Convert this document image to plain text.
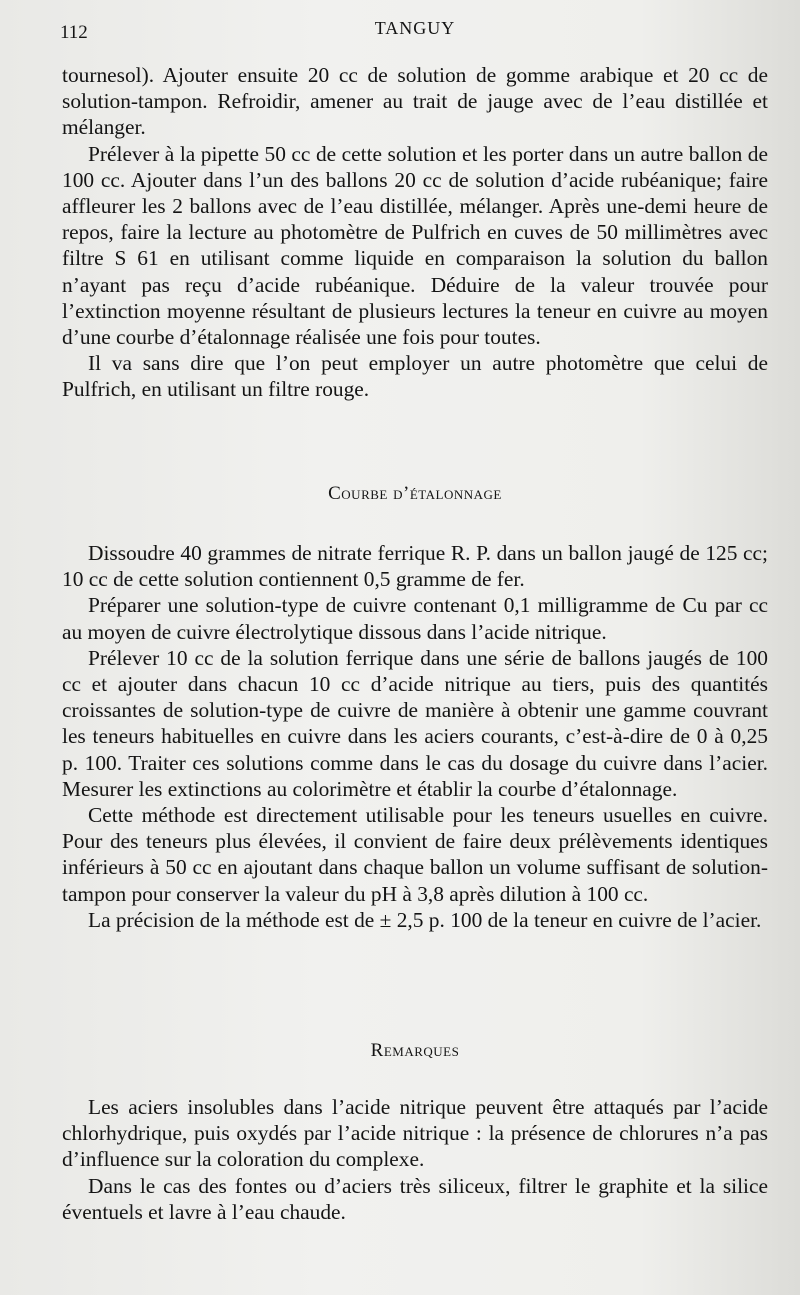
112	TANGUY

tournesol). Ajouter ensuite 20 cc de solution de gomme arabique et 20 cc de solution-tampon. Refroidir, amener au trait de jauge avec de l’eau distillée et mélanger.

Prélever à la pipette 50 cc de cette solution et les porter dans un autre ballon de 100 cc. Ajouter dans l’un des ballons 20 cc de solution d’acide rubéanique; faire affleurer les 2 ballons avec de l’eau distillée, mélanger. Après une-demi heure de repos, faire la lecture au photomètre de Pulfrich en cuves de 50 millimètres avec filtre S 61 en utilisant comme liquide en comparaison la solution du ballon n’ayant pas reçu d’acide rubéanique. Déduire de la valeur trouvée pour l’extinction moyenne résultant de plusieurs lectures la teneur en cuivre au moyen d’une courbe d’étalonnage réalisée une fois pour toutes.

Il va sans dire que l’on peut employer un autre photomètre que celui de Pulfrich, en utilisant un filtre rouge.

Courbe d’étalonnage

Dissoudre 40 grammes de nitrate ferrique R. P. dans un ballon jaugé de 125 cc; 10 cc de cette solution contiennent 0,5 gramme de fer.

Préparer une solution-type de cuivre contenant 0,1 milligramme de Cu par cc au moyen de cuivre électrolytique dissous dans l’acide nitrique.

Prélever 10 cc de la solution ferrique dans une série de ballons jaugés de 100 cc et ajouter dans chacun 10 cc d’acide nitrique au tiers, puis des quantités croissantes de solution-type de cuivre de manière à obtenir une gamme couvrant les teneurs habituelles en cuivre dans les aciers courants, c’est-à-dire de 0 à 0,25 p. 100. Traiter ces solutions comme dans le cas du dosage du cuivre dans l’acier. Mesurer les extinctions au colorimètre et établir la courbe d’étalonnage.

Cette méthode est directement utilisable pour les teneurs usuelles en cuivre. Pour des teneurs plus élevées, il convient de faire deux prélèvements identiques inférieurs à 50 cc en ajoutant dans chaque ballon un volume suffisant de solution-tampon pour conserver la valeur du pH à 3,8 après dilution à 100 cc.

La précision de la méthode est de ± 2,5 p. 100 de la teneur en cuivre de l’acier.

Remarques

Les aciers insolubles dans l’acide nitrique peuvent être attaqués par l’acide chlorhydrique, puis oxydés par l’acide nitrique : la présence de chlorures n’a pas d’influence sur la coloration du complexe.

Dans le cas des fontes ou d’aciers très siliceux, filtrer le graphite et la silice éventuels et lavre à l’eau chaude.
